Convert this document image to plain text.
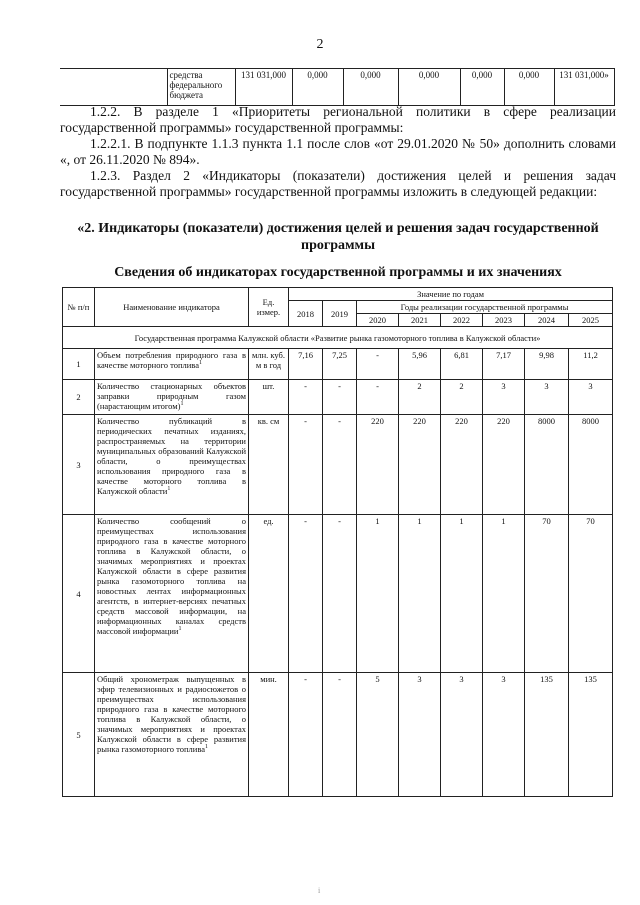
2
	средства федерального бюджета	131 031,000	0,000	0,000	0,000	0,000	0,000	131 031,000»

1.2.2. В разделе 1 «Приоритеты региональной политики в сфере реализации государственной программы» государственной программы:

1.2.2.1. В подпункте 1.1.3 пункта 1.1 после слов «от 29.01.2020 № 50» дополнить словами «, от 26.11.2020 № 894».

1.2.3. Раздел 2 «Индикаторы (показатели) достижения целей и решения задач государственной программы» государственной программы изложить в следующей редакции:

«2. Индикаторы (показатели) достижения целей и решения задач государственной программы
Сведения об индикаторах государственной программы и их значениях
№ п/п	Наименование индикатора	Ед. измер.	Значение по годам							
			2018	2019	Годы реализации государственной программы					
					2020	2021	2022	2023	2024	2025
Государственная программа Калужской области «Развитие рынка газомоторного топлива в Калужской области»										
1	Объем потребления природного газа в качестве моторного топлива$^1$	млн. куб. м в год	7,16	7,25	-	5,96	6,81	7,17	9,98	11,2
2	Количество стационарных объектов заправки природным газом (нарастающим итогом)$^1$	шт.	-	-	-	2	2	3	3	3
3	Количество публикаций в периодических печатных изданиях, распространяемых на территории муниципальных образований Калужской области, о преимуществах использования природного газа в качестве моторного топлива в Калужской области$^1$	кв. см	-	-	220	220	220	220	8000	8000
4	Количество сообщений о преимуществах использования природного газа в качестве моторного топлива в Калужской области, о значимых мероприятиях и проектах Калужской области в сфере развития рынка газомоторного топлива на новостных лентах информационных агентств, в интернет-версиях печатных средств массовой информации, на информационных каналах средств массовой информации$^1$	ед.	-	-	1	1	1	1	70	70
5	Общий хронометраж выпущенных в эфир телевизионных и радиосюжетов о преимуществах использования природного газа в качестве моторного топлива в Калужской области, о значимых мероприятиях и проектах Калужской области в сфере развития рынка газомоторного топлива$^1$	мин.	-	-	5	3	3	3	135	135
i
